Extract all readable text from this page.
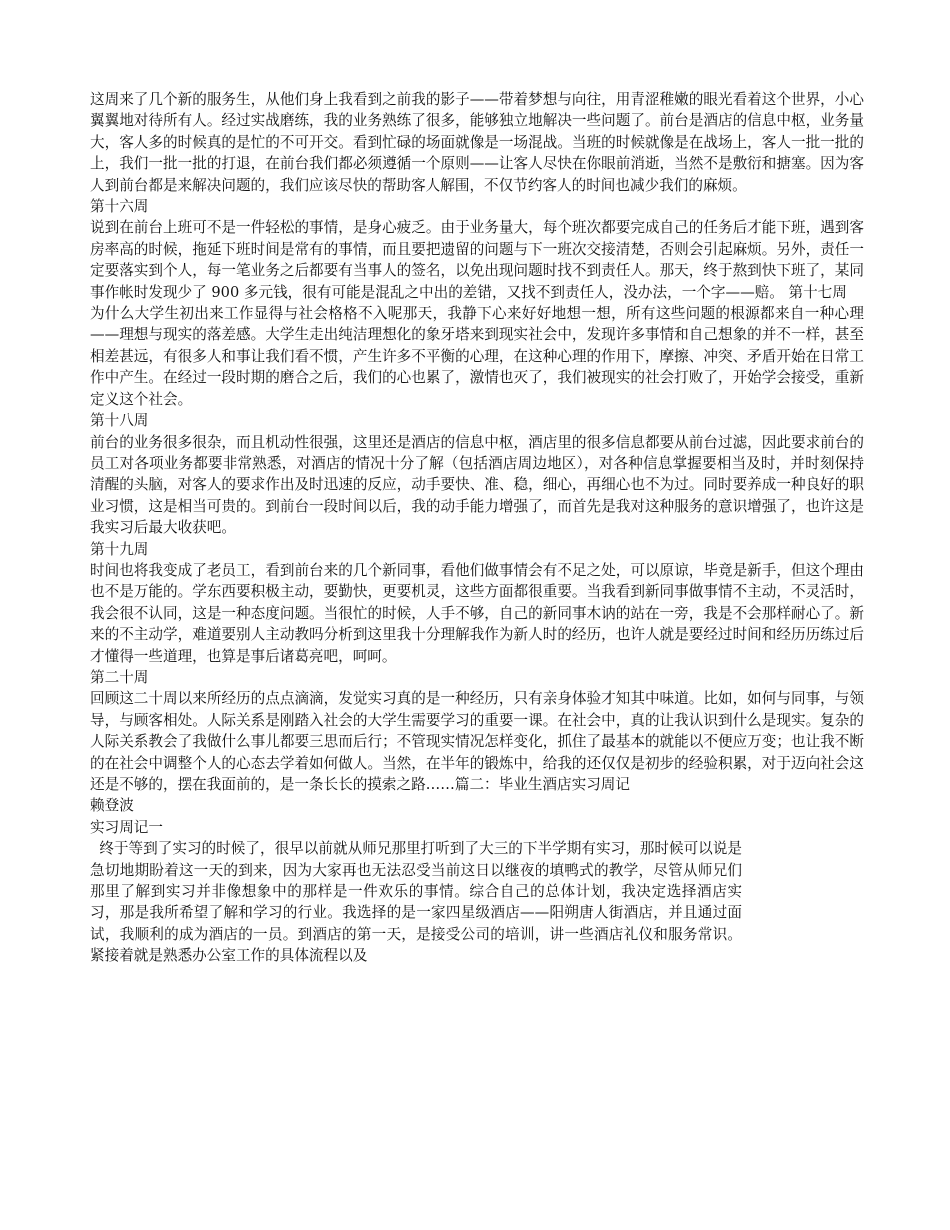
这周来了几个新的服务生，从他们身上我看到之前我的影子——带着梦想与向往，用青涩稚嫩的眼光看着这个世界，小心翼翼地对待所有人。经过实战磨练，我的业务熟练了很多，能够独立地解决一些问题了。前台是酒店的信息中枢，业务量大，客人多的时候真的是忙的不可开交。看到忙碌的场面就像是一场混战。当班的时候就像是在战场上，客人一批一批的上，我们一批一批的打退，在前台我们都必须遵循一个原则——让客人尽快在你眼前消逝，当然不是敷衍和搪塞。因为客人到前台都是来解决问题的，我们应该尽快的帮助客人解围，不仅节约客人的时间也减少我们的麻烦。

第十六周

说到在前台上班可不是一件轻松的事情，是身心疲乏。由于业务量大，每个班次都要完成自己的任务后才能下班，遇到客房率高的时候，拖延下班时间是常有的事情，而且要把遗留的问题与下一班次交接清楚，否则会引起麻烦。另外，责任一定要落实到个人，每一笔业务之后都要有当事人的签名，以免出现问题时找不到责任人。那天，终于熬到快下班了，某同事作帐时发现少了 900 多元钱，很有可能是混乱之中出的差错，又找不到责任人，没办法，一个字——赔。 第十七周

为什么大学生初出来工作显得与社会格格不入呢那天，我静下心来好好地想一想，所有这些问题的根源都来自一种心理——理想与现实的落差感。大学生走出纯洁理想化的象牙塔来到现实社会中，发现许多事情和自己想象的并不一样，甚至相差甚远，有很多人和事让我们看不惯，产生许多不平衡的心理，在这种心理的作用下，摩擦、冲突、矛盾开始在日常工作中产生。在经过一段时期的磨合之后，我们的心也累了，激情也灭了，我们被现实的社会打败了，开始学会接受，重新定义这个社会。

第十八周

前台的业务很多很杂，而且机动性很强，这里还是酒店的信息中枢，酒店里的很多信息都要从前台过滤，因此要求前台的员工对各项业务都要非常熟悉，对酒店的情况十分了解（包括酒店周边地区），对各种信息掌握要相当及时，并时刻保持清醒的头脑，对客人的要求作出及时迅速的反应，动手要快、准、稳，细心，再细心也不为过。同时要养成一种良好的职业习惯，这是相当可贵的。到前台一段时间以后，我的动手能力增强了，而首先是我对这种服务的意识增强了，也许这是我实习后最大收获吧。

第十九周

时间也将我变成了老员工，看到前台来的几个新同事，看他们做事情会有不足之处，可以原谅，毕竟是新手，但这个理由也不是万能的。学东西要积极主动，要勤快，更要机灵，这些方面都很重要。当我看到新同事做事情不主动，不灵活时，我会很不认同，这是一种态度问题。当很忙的时候，人手不够，自己的新同事木讷的站在一旁，我是不会那样耐心了。新来的不主动学，难道要别人主动教吗分析到这里我十分理解我作为新人时的经历，也许人就是要经过时间和经历历练过后才懂得一些道理，也算是事后诸葛亮吧，呵呵。

第二十周

回顾这二十周以来所经历的点点滴滴，发觉实习真的是一种经历，只有亲身体验才知其中味道。比如，如何与同事，与领导，与顾客相处。人际关系是刚踏入社会的大学生需要学习的重要一课。在社会中，真的让我认识到什么是现实。复杂的人际关系教会了我做什么事儿都要三思而后行；不管现实情况怎样变化，抓住了最基本的就能以不便应万变；也让我不断的在社会中调整个人的心态去学着如何做人。当然，在半年的锻炼中，给我的还仅仅是初步的经验积累，对于迈向社会这还是不够的，摆在我面前的，是一条长长的摸索之路……篇二：毕业生酒店实习周记

赖登波

实习周记一

终于等到了实习的时候了，很早以前就从师兄那里打听到了大三的下半学期有实习，那时候可以说是急切地期盼着这一天的到来，因为大家再也无法忍受当前这日以继夜的填鸭式的教学，尽管从师兄们那里了解到实习并非像想象中的那样是一件欢乐的事情。综合自己的总体计划，我决定选择酒店实习，那是我所希望了解和学习的行业。我选择的是一家四星级酒店——阳朔唐人街酒店，并且通过面试，我顺利的成为酒店的一员。到酒店的第一天，是接受公司的培训，讲一些酒店礼仪和服务常识。紧接着就是熟悉办公室工作的具体流程以及
